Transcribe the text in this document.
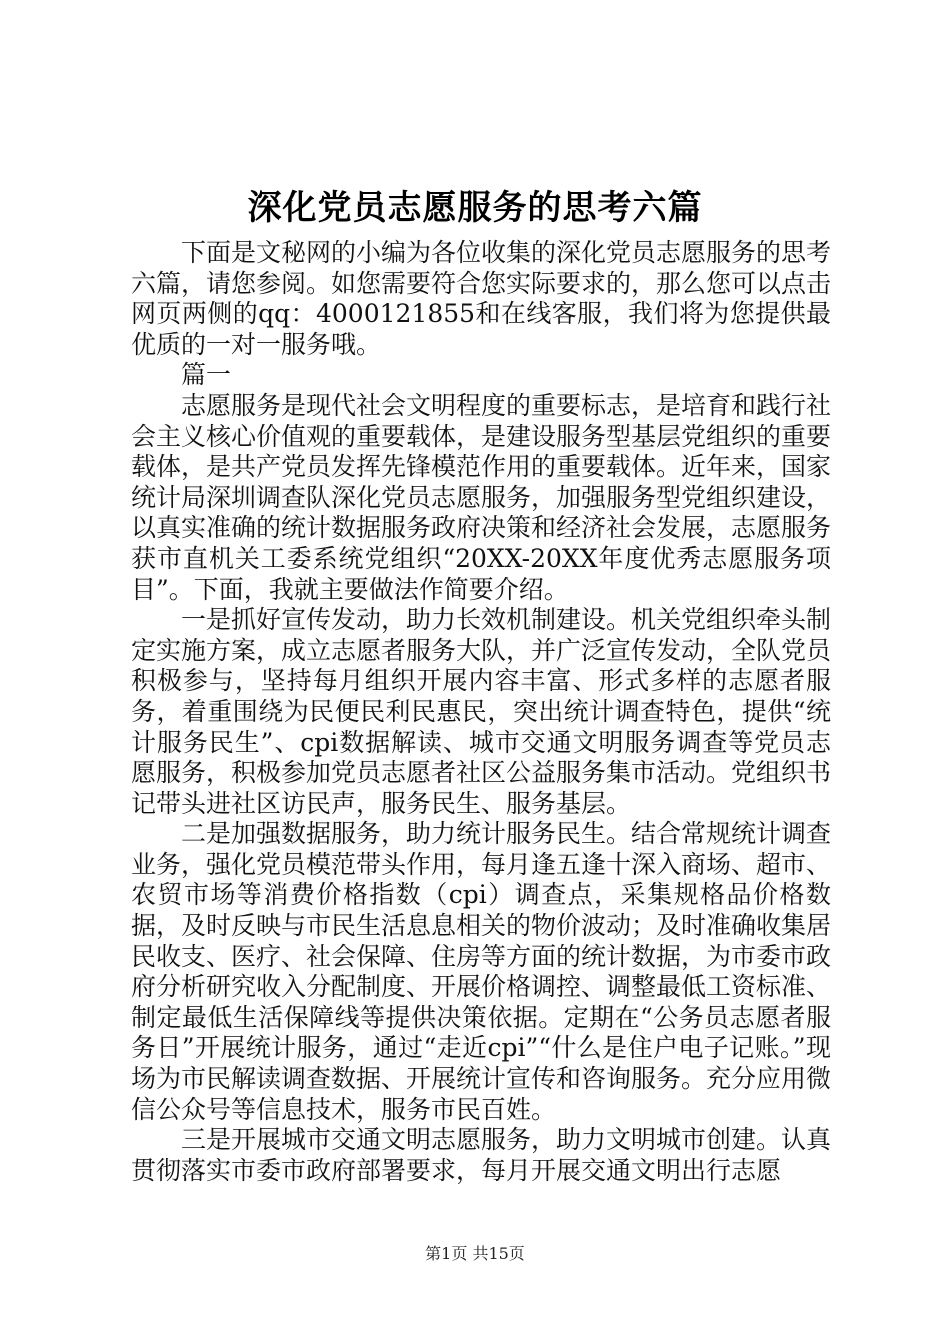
深化党员志愿服务的思考六篇

下面是文秘网的小编为各位收集的深化党员志愿服务的思考六篇，请您参阅。如您需要符合您实际要求的，那么您可以点击网页两侧的qq：4000121855和在线客服，我们将为您提供最优质的一对一服务哦。

篇一

志愿服务是现代社会文明程度的重要标志，是培育和践行社会主义核心价值观的重要载体，是建设服务型基层党组织的重要载体，是共产党员发挥先锋模范作用的重要载体。近年来，国家统计局深圳调查队深化党员志愿服务，加强服务型党组织建设，以真实准确的统计数据服务政府决策和经济社会发展，志愿服务获市直机关工委系统党组织“20XX-20XX年度优秀志愿服务项目”。下面，我就主要做法作简要介绍。

一是抓好宣传发动，助力长效机制建设。机关党组织牵头制定实施方案，成立志愿者服务大队，并广泛宣传发动，全队党员积极参与，坚持每月组织开展内容丰富、形式多样的志愿者服务，着重围绕为民便民利民惠民，突出统计调查特色，提供“统计服务民生”、cpi数据解读、城市交通文明服务调查等党员志愿服务，积极参加党员志愿者社区公益服务集市活动。党组织书记带头进社区访民声，服务民生、服务基层。

二是加强数据服务，助力统计服务民生。结合常规统计调查业务，强化党员模范带头作用，每月逢五逢十深入商场、超市、农贸市场等消费价格指数（cpi）调查点，采集规格品价格数据，及时反映与市民生活息息相关的物价波动；及时准确收集居民收支、医疗、社会保障、住房等方面的统计数据，为市委市政府分析研究收入分配制度、开展价格调控、调整最低工资标准、制定最低生活保障线等提供决策依据。定期在“公务员志愿者服务日”开展统计服务，通过“走近cpi”“什么是住户电子记账。”现场为市民解读调查数据、开展统计宣传和咨询服务。充分应用微信公众号等信息技术，服务市民百姓。

三是开展城市交通文明志愿服务，助力文明城市创建。认真贯彻落实市委市政府部署要求，每月开展交通文明出行志愿

第1页 共15页
